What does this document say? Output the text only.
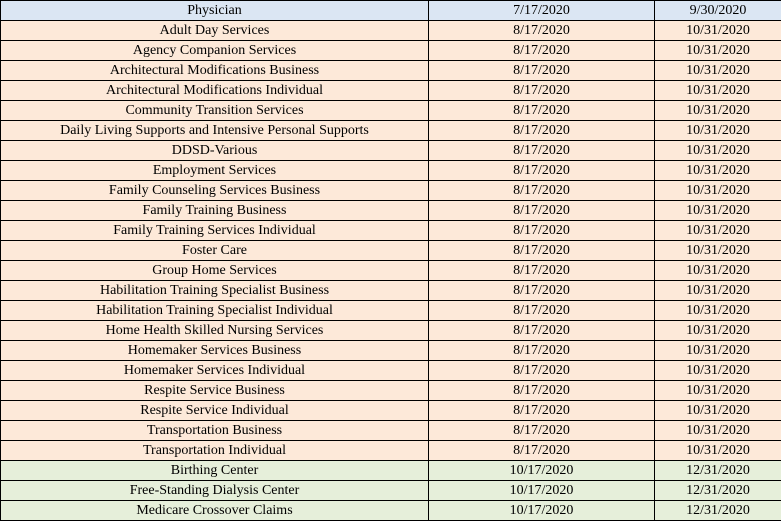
Physician	7/17/2020	9/30/2020
Adult Day Services	8/17/2020	10/31/2020
Agency Companion Services	8/17/2020	10/31/2020
Architectural Modifications Business	8/17/2020	10/31/2020
Architectural Modifications Individual	8/17/2020	10/31/2020
Community Transition Services	8/17/2020	10/31/2020
Daily Living Supports and Intensive Personal Supports	8/17/2020	10/31/2020
DDSD-Various	8/17/2020	10/31/2020
Employment Services	8/17/2020	10/31/2020
Family Counseling Services Business	8/17/2020	10/31/2020
Family Training Business	8/17/2020	10/31/2020
Family Training Services Individual	8/17/2020	10/31/2020
Foster Care	8/17/2020	10/31/2020
Group Home Services	8/17/2020	10/31/2020
Habilitation Training Specialist Business	8/17/2020	10/31/2020
Habilitation Training Specialist Individual	8/17/2020	10/31/2020
Home Health Skilled Nursing Services	8/17/2020	10/31/2020
Homemaker Services Business	8/17/2020	10/31/2020
Homemaker Services Individual	8/17/2020	10/31/2020
Respite Service Business	8/17/2020	10/31/2020
Respite Service Individual	8/17/2020	10/31/2020
Transportation Business	8/17/2020	10/31/2020
Transportation Individual	8/17/2020	10/31/2020
Birthing Center	10/17/2020	12/31/2020
Free-Standing Dialysis Center	10/17/2020	12/31/2020
Medicare Crossover Claims	10/17/2020	12/31/2020
